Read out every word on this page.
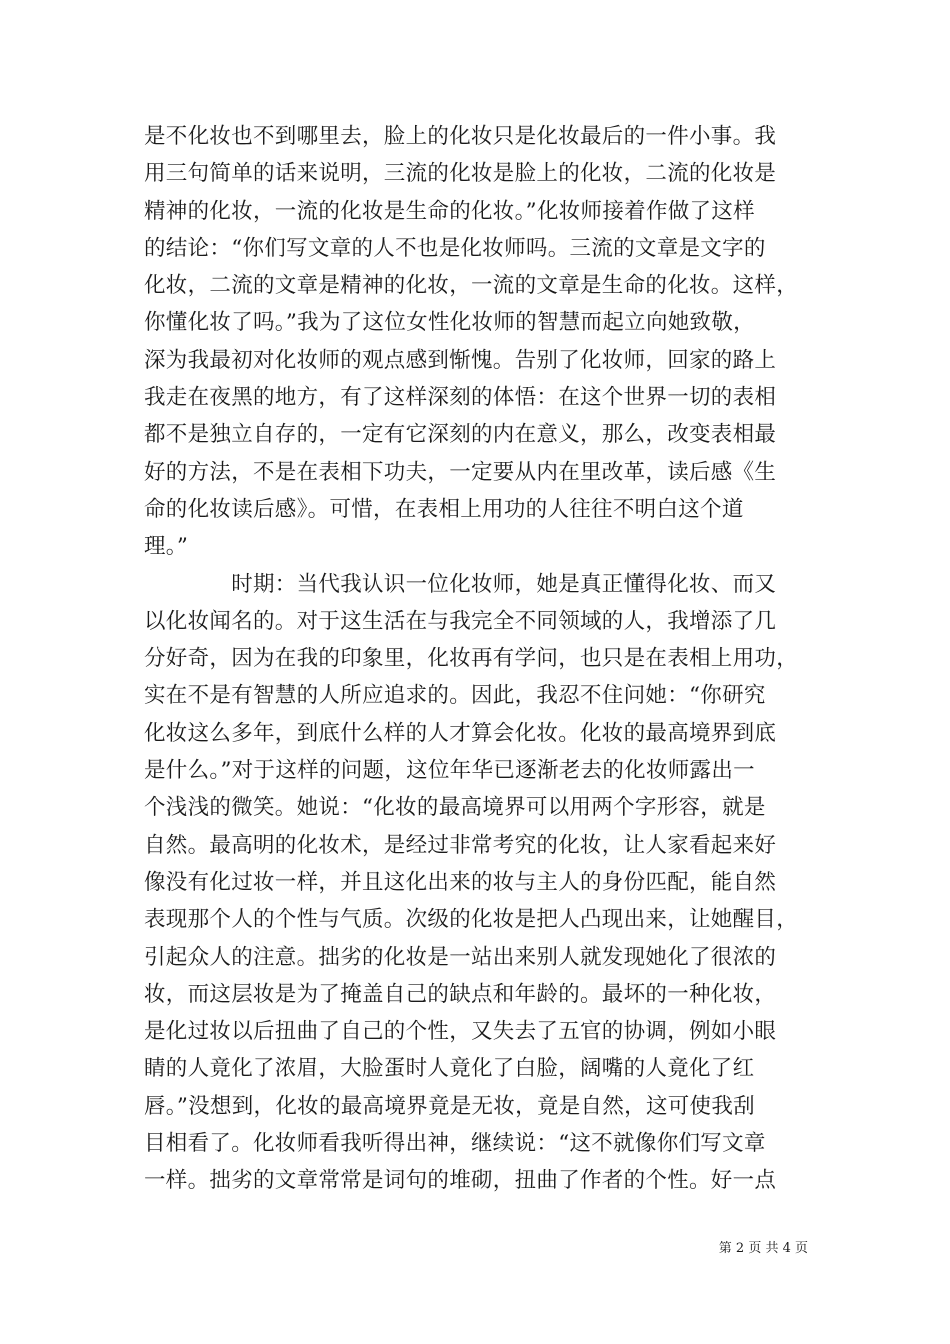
是不化妆也不到哪里去，脸上的化妆只是化妆最后的一件小事。我
用三句简单的话来说明，三流的化妆是脸上的化妆，二流的化妆是
精神的化妆，一流的化妆是生命的化妆。”化妆师接着作做了这样
的结论：“你们写文章的人不也是化妆师吗。三流的文章是文字的
化妆，二流的文章是精神的化妆，一流的文章是生命的化妆。这样，
你懂化妆了吗。”我为了这位女性化妆师的智慧而起立向她致敬，
深为我最初对化妆师的观点感到惭愧。告别了化妆师，回家的路上
我走在夜黑的地方，有了这样深刻的体悟：在这个世界一切的表相
都不是独立自存的，一定有它深刻的内在意义，那么，改变表相最
好的方法，不是在表相下功夫，一定要从内在里改革，读后感《生
命的化妆读后感》。可惜，在表相上用功的人往往不明白这个道
理。”
　　　　时期：当代我认识一位化妆师，她是真正懂得化妆、而又
以化妆闻名的。对于这生活在与我完全不同领域的人，我增添了几
分好奇，因为在我的印象里，化妆再有学问，也只是在表相上用功，
实在不是有智慧的人所应追求的。因此，我忍不住问她：“你研究
化妆这么多年，到底什么样的人才算会化妆。化妆的最高境界到底
是什么。”对于这样的问题，这位年华已逐渐老去的化妆师露出一
个浅浅的微笑。她说：“化妆的最高境界可以用两个字形容，就是
自然。最高明的化妆术，是经过非常考究的化妆，让人家看起来好
像没有化过妆一样，并且这化出来的妆与主人的身份匹配，能自然
表现那个人的个性与气质。次级的化妆是把人凸现出来，让她醒目，
引起众人的注意。拙劣的化妆是一站出来别人就发现她化了很浓的
妆，而这层妆是为了掩盖自己的缺点和年龄的。最坏的一种化妆，
是化过妆以后扭曲了自己的个性，又失去了五官的协调，例如小眼
睛的人竟化了浓眉，大脸蛋时人竟化了白脸，阔嘴的人竟化了红
唇。”没想到，化妆的最高境界竟是无妆，竟是自然，这可使我刮
目相看了。化妆师看我听得出神，继续说：“这不就像你们写文章
一样。拙劣的文章常常是词句的堆砌，扭曲了作者的个性。好一点
第 2 页 共 4 页
